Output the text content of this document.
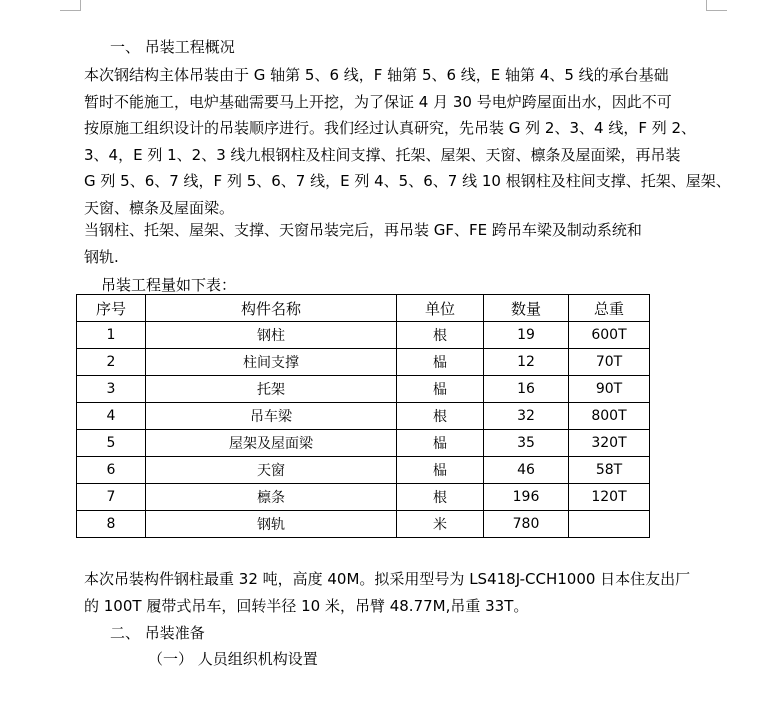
一、 吊装工程概况
本次钢结构主体吊装由于 G 轴第 5、6 线，F 轴第 5、6 线，E 轴第 4、5 线的承台基础
暂时不能施工，电炉基础需要马上开挖，为了保证 4 月 30 号电炉跨屋面出水，因此不可
按原施工组织设计的吊装顺序进行。我们经过认真研究，先吊装 G 列 2、3、4 线，F 列 2、
3、4，E 列 1、2、3 线九根钢柱及柱间支撑、托架、屋架、天窗、檩条及屋面梁，再吊装
G 列 5、6、7 线，F 列 5、6、7 线，E 列 4、5、6、7 线 10 根钢柱及柱间支撑、托架、屋架、
天窗、檩条及屋面梁。
当钢柱、托架、屋架、支撑、天窗吊装完后，再吊装 GF、FE 跨吊车梁及制动系统和
钢轨.
吊装工程量如下表：
序号	构件名称	单位	数量	总重
1	钢柱	根	19	600T
2	柱间支撑	榀	12	70T
3	托架	榀	16	90T
4	吊车梁	根	32	800T
5	屋架及屋面梁	榀	35	320T
6	天窗	榀	46	58T
7	檩条	根	196	120T
8	钢轨	米	780	
本次吊装构件钢柱最重 32 吨，高度 40M。拟采用型号为 LS418J-CCH1000 日本住友出厂
的 100T 履带式吊车，回转半径 10 米，吊臂 48.77M,吊重 33T。
二、 吊装准备
（一） 人员组织机构设置
